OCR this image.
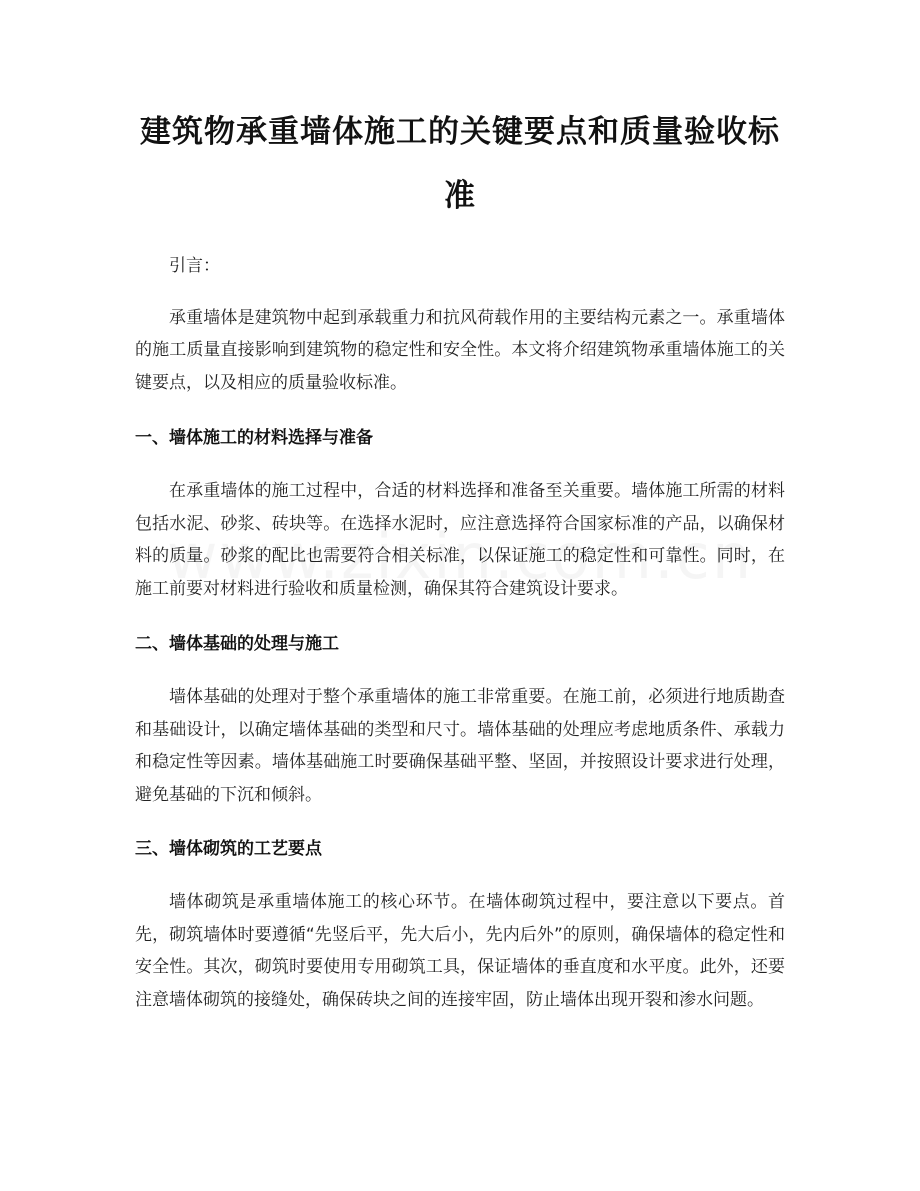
建筑物承重墙体施工的关键要点和质量验收标准

引言：

承重墙体是建筑物中起到承载重力和抗风荷载作用的主要结构元素之一。承重墙体的施工质量直接影响到建筑物的稳定性和安全性。本文将介绍建筑物承重墙体施工的关键要点，以及相应的质量验收标准。

一、墙体施工的材料选择与准备

在承重墙体的施工过程中，合适的材料选择和准备至关重要。墙体施工所需的材料包括水泥、砂浆、砖块等。在选择水泥时，应注意选择符合国家标准的产品，以确保材料的质量。砂浆的配比也需要符合相关标准，以保证施工的稳定性和可靠性。同时，在施工前要对材料进行验收和质量检测，确保其符合建筑设计要求。

二、墙体基础的处理与施工

墙体基础的处理对于整个承重墙体的施工非常重要。在施工前，必须进行地质勘查和基础设计，以确定墙体基础的类型和尺寸。墙体基础的处理应考虑地质条件、承载力和稳定性等因素。墙体基础施工时要确保基础平整、坚固，并按照设计要求进行处理，避免基础的下沉和倾斜。

三、墙体砌筑的工艺要点

墙体砌筑是承重墙体施工的核心环节。在墙体砌筑过程中，要注意以下要点。首先，砌筑墙体时要遵循“先竖后平，先大后小，先内后外”的原则，确保墙体的稳定性和安全性。其次，砌筑时要使用专用砌筑工具，保证墙体的垂直度和水平度。此外，还要注意墙体砌筑的接缝处，确保砖块之间的连接牢固，防止墙体出现开裂和渗水问题。
